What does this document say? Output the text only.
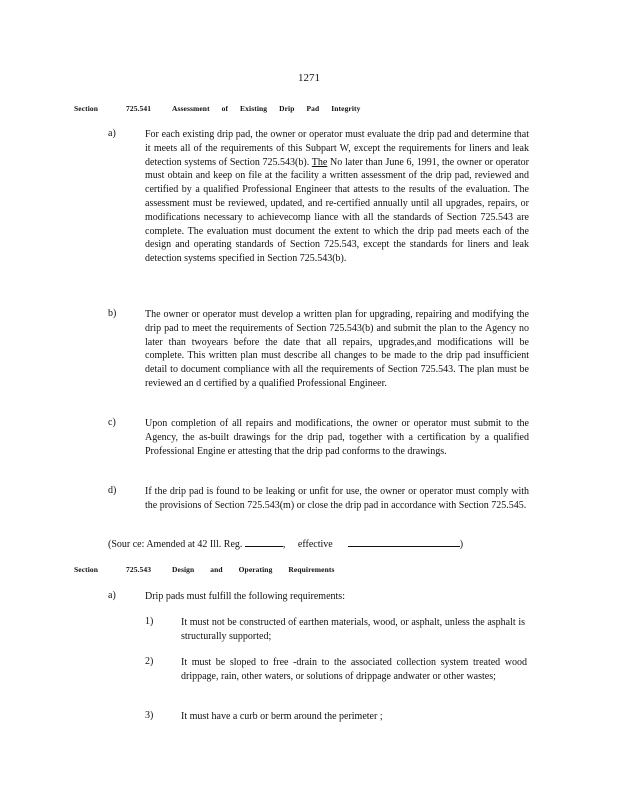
1271
Section	725.541	Assessment of Existing Drip Pad Integrity
a)	For each existing drip pad, the owner or operator must evaluate the drip pad and determine that it meets all of the requirements of this Subpart W, except the requirements for liners and leak detection systems of Section 725.543(b). The No later than June 6, 1991, the owner or operator must obtain and keep on file at the facility a written assessment of the drip pad, reviewed and certified by a qualified Professional Engineer that attests to the results of the evaluation. The assessment must be reviewed, updated, and re-certified annually until all upgrades, repairs, or modifications necessary to achievecomp liance with all the standards of Section 725.543 are complete. The evaluation must document the extent to which the drip pad meets each of the design and operating standards of Section 725.543, except the standards for liners and leak detection systems specified in Section 725.543(b).
b)	The owner or operator must develop a written plan for upgrading, repairing and modifying the drip pad to meet the requirements of Section 725.543(b) and submit the plan to the Agency no later than twoyears before the date that all repairs, upgrades,and modifications will be complete. This written plan must describe all changes to be made to the drip pad insufficient detail to document compliance with all the requirements of Section 725.543. The plan must be reviewed an d certified by a qualified Professional Engineer.
c)	Upon completion of all repairs and modifications, the owner or operator must submit to the Agency, the as-built drawings for the drip pad, together with a certification by a qualified Professional Engine er attesting that the drip pad conforms to the drawings.
d)	If the drip pad is found to be leaking or unfit for use, the owner or operator must comply with the provisions of Section 725.543(m) or close the drip pad in accordance with Section 725.545.
(Sour ce: Amended at 42 Ill. Reg.	, effective	)
Section	725.543	Design and Operating Requirements
a)	Drip pads must fulfill the following requirements:
1)	It must not be constructed of earthen materials, wood, or asphalt, unless the asphalt is structurally supported;
2)	It must be sloped to free -drain to the associated collection system treated wood drippage, rain, other waters, or solutions of drippage andwater or other wastes;
3)	It must have a curb or berm around the perimeter ;
